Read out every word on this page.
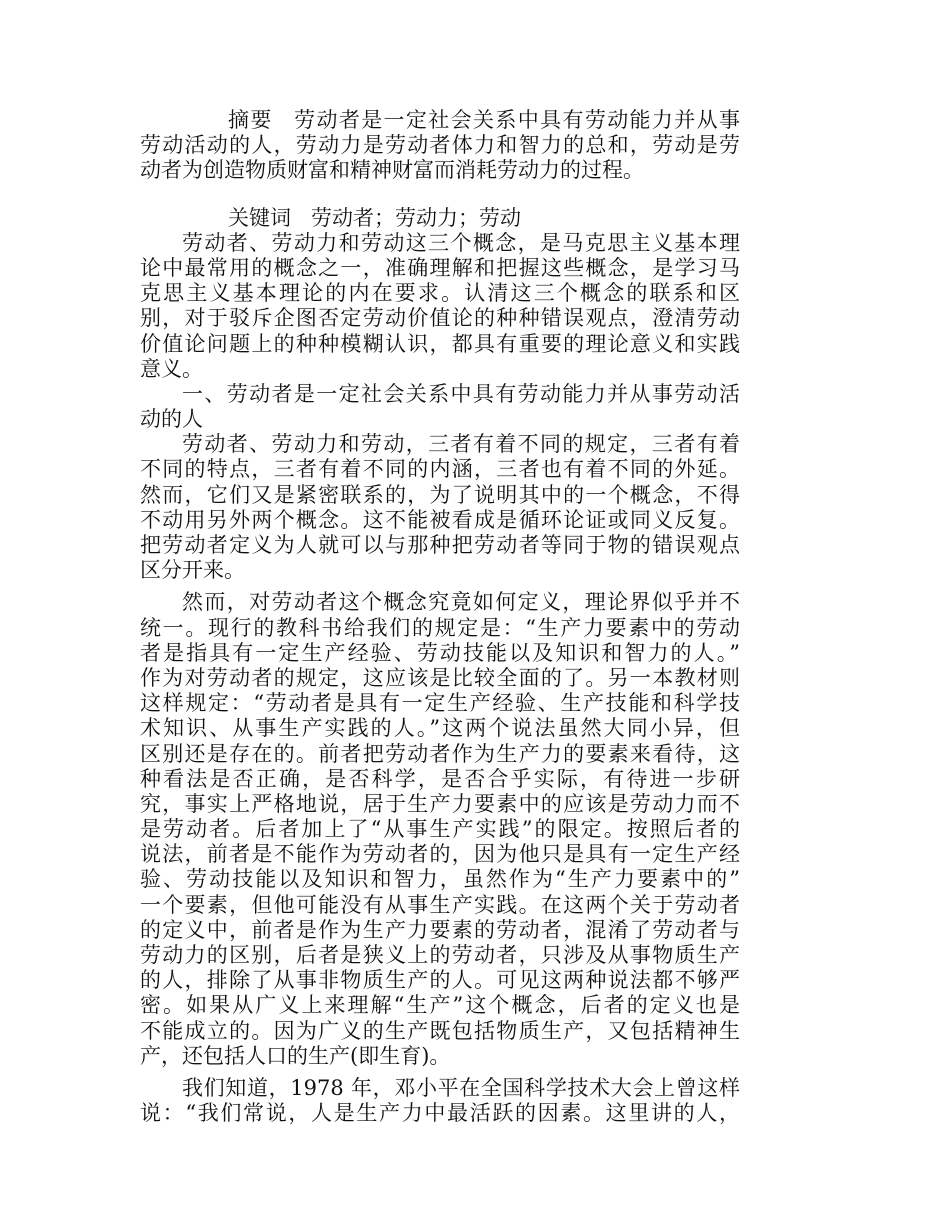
摘要 劳动者是一定社会关系中具有劳动能力并从事
劳动活动的人，劳动力是劳动者体力和智力的总和，劳动是劳
动者为创造物质财富和精神财富而消耗劳动力的过程。
关键词 劳动者；劳动力；劳动
劳动者、劳动力和劳动这三个概念，是马克思主义基本理
论中最常用的概念之一，准确理解和把握这些概念，是学习马
克思主义基本理论的内在要求。认清这三个概念的联系和区
别，对于驳斥企图否定劳动价值论的种种错误观点，澄清劳动
价值论问题上的种种模糊认识，都具有重要的理论意义和实践
意义。
一、劳动者是一定社会关系中具有劳动能力并从事劳动活
动的人
劳动者、劳动力和劳动，三者有着不同的规定，三者有着
不同的特点，三者有着不同的内涵，三者也有着不同的外延。
然而，它们又是紧密联系的，为了说明其中的一个概念，不得
不动用另外两个概念。这不能被看成是循环论证或同义反复。
把劳动者定义为人就可以与那种把劳动者等同于物的错误观点
区分开来。
然而，对劳动者这个概念究竟如何定义，理论界似乎并不
统一。现行的教科书给我们的规定是：“生产力要素中的劳动
者是指具有一定生产经验、劳动技能以及知识和智力的人。”
作为对劳动者的规定，这应该是比较全面的了。另一本教材则
这样规定：“劳动者是具有一定生产经验、生产技能和科学技
术知识、从事生产实践的人。”这两个说法虽然大同小异，但
区别还是存在的。前者把劳动者作为生产力的要素来看待，这
种看法是否正确，是否科学，是否合乎实际，有待进一步研
究，事实上严格地说，居于生产力要素中的应该是劳动力而不
是劳动者。后者加上了“从事生产实践”的限定。按照后者的
说法，前者是不能作为劳动者的，因为他只是具有一定生产经
验、劳动技能以及知识和智力，虽然作为“生产力要素中的”
一个要素，但他可能没有从事生产实践。在这两个关于劳动者
的定义中，前者是作为生产力要素的劳动者，混淆了劳动者与
劳动力的区别，后者是狭义上的劳动者，只涉及从事物质生产
的人，排除了从事非物质生产的人。可见这两种说法都不够严
密。如果从广义上来理解“生产”这个概念，后者的定义也是
不能成立的。因为广义的生产既包括物质生产，又包括精神生
产，还包括人口的生产(即生育)。
我们知道，1978 年，邓小平在全国科学技术大会上曾这样
说：“我们常说，人是生产力中最活跃的因素。这里讲的人，
